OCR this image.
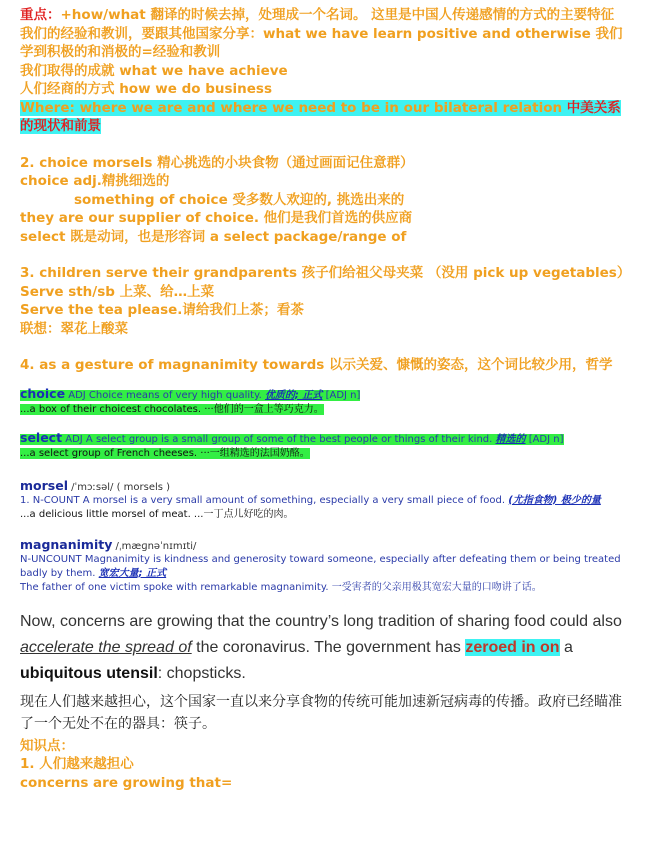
重点：+how/what 翻译的时候去掉，处理成一个名词。 这里是中国人传递感情的方式的主要特征
我们的经验和教训，要跟其他国家分享：what we have learn positive and otherwise 我们学到积极的和消极的=经验和教训
我们取得的成就 what we have achieve
人们经商的方式 how we do business
Where: where we are and where we need to be in our bilateral relation 中美关系的现状和前景
2. choice morsels 精心挑选的小块食物（通过画面记住意群）
choice adj.精挑细选的
something of choice 受多数人欢迎的, 挑选出来的
they are our supplier of choice. 他们是我们首选的供应商
select 既是动词，也是形容词 a select package/range of
3. children serve their grandparents 孩子们给祖父母夹菜 （没用 pick up vegetables）
Serve sth/sb 上菜、给…上菜
Serve the tea please.请给我们上茶；看茶
联想：翠花上酸菜
4. as a gesture of magnanimity towards 以示关爱、慷慨的姿态，这个词比较少用，哲学
choice ADJ Choice means of very high quality. 优质的; 正式 [ADJ n]
...a box of their choicest chocolates. ···他们的一盒上等巧克力。
select ADJ A select group is a small group of some of the best people or things of their kind. 精选的 [ADJ n]
...a select group of French cheeses. ···一组精选的法国奶酪。
morsel /ˈmɔːsəl/ ( morsels )
1. N-COUNT A morsel is a very small amount of something, especially a very small piece of food. (尤指食物) 极少的量
...a delicious little morsel of meat. ...一丁点儿好吃的肉。
magnanimity /ˌmæɡnəˈnɪmɪti/
N-UNCOUNT Magnanimity is kindness and generosity toward someone, especially after defeating them or being treated badly by them. 宽宏大量; 正式
The father of one victim spoke with remarkable magnanimity. 一受害者的父亲用极其宽宏大量的口吻讲了话。
Now, concerns are growing that the country’s long tradition of sharing food could also accelerate the spread of the coronavirus. The government has zeroed in on a ubiquitous utensil: chopsticks.
现在人们越来越担心，这个国家一直以来分享食物的传统可能加速新冠病毒的传播。政府已经瞄准了一个无处不在的器具：筷子。
知识点：
1. 人们越来越担心
concerns are growing that=
